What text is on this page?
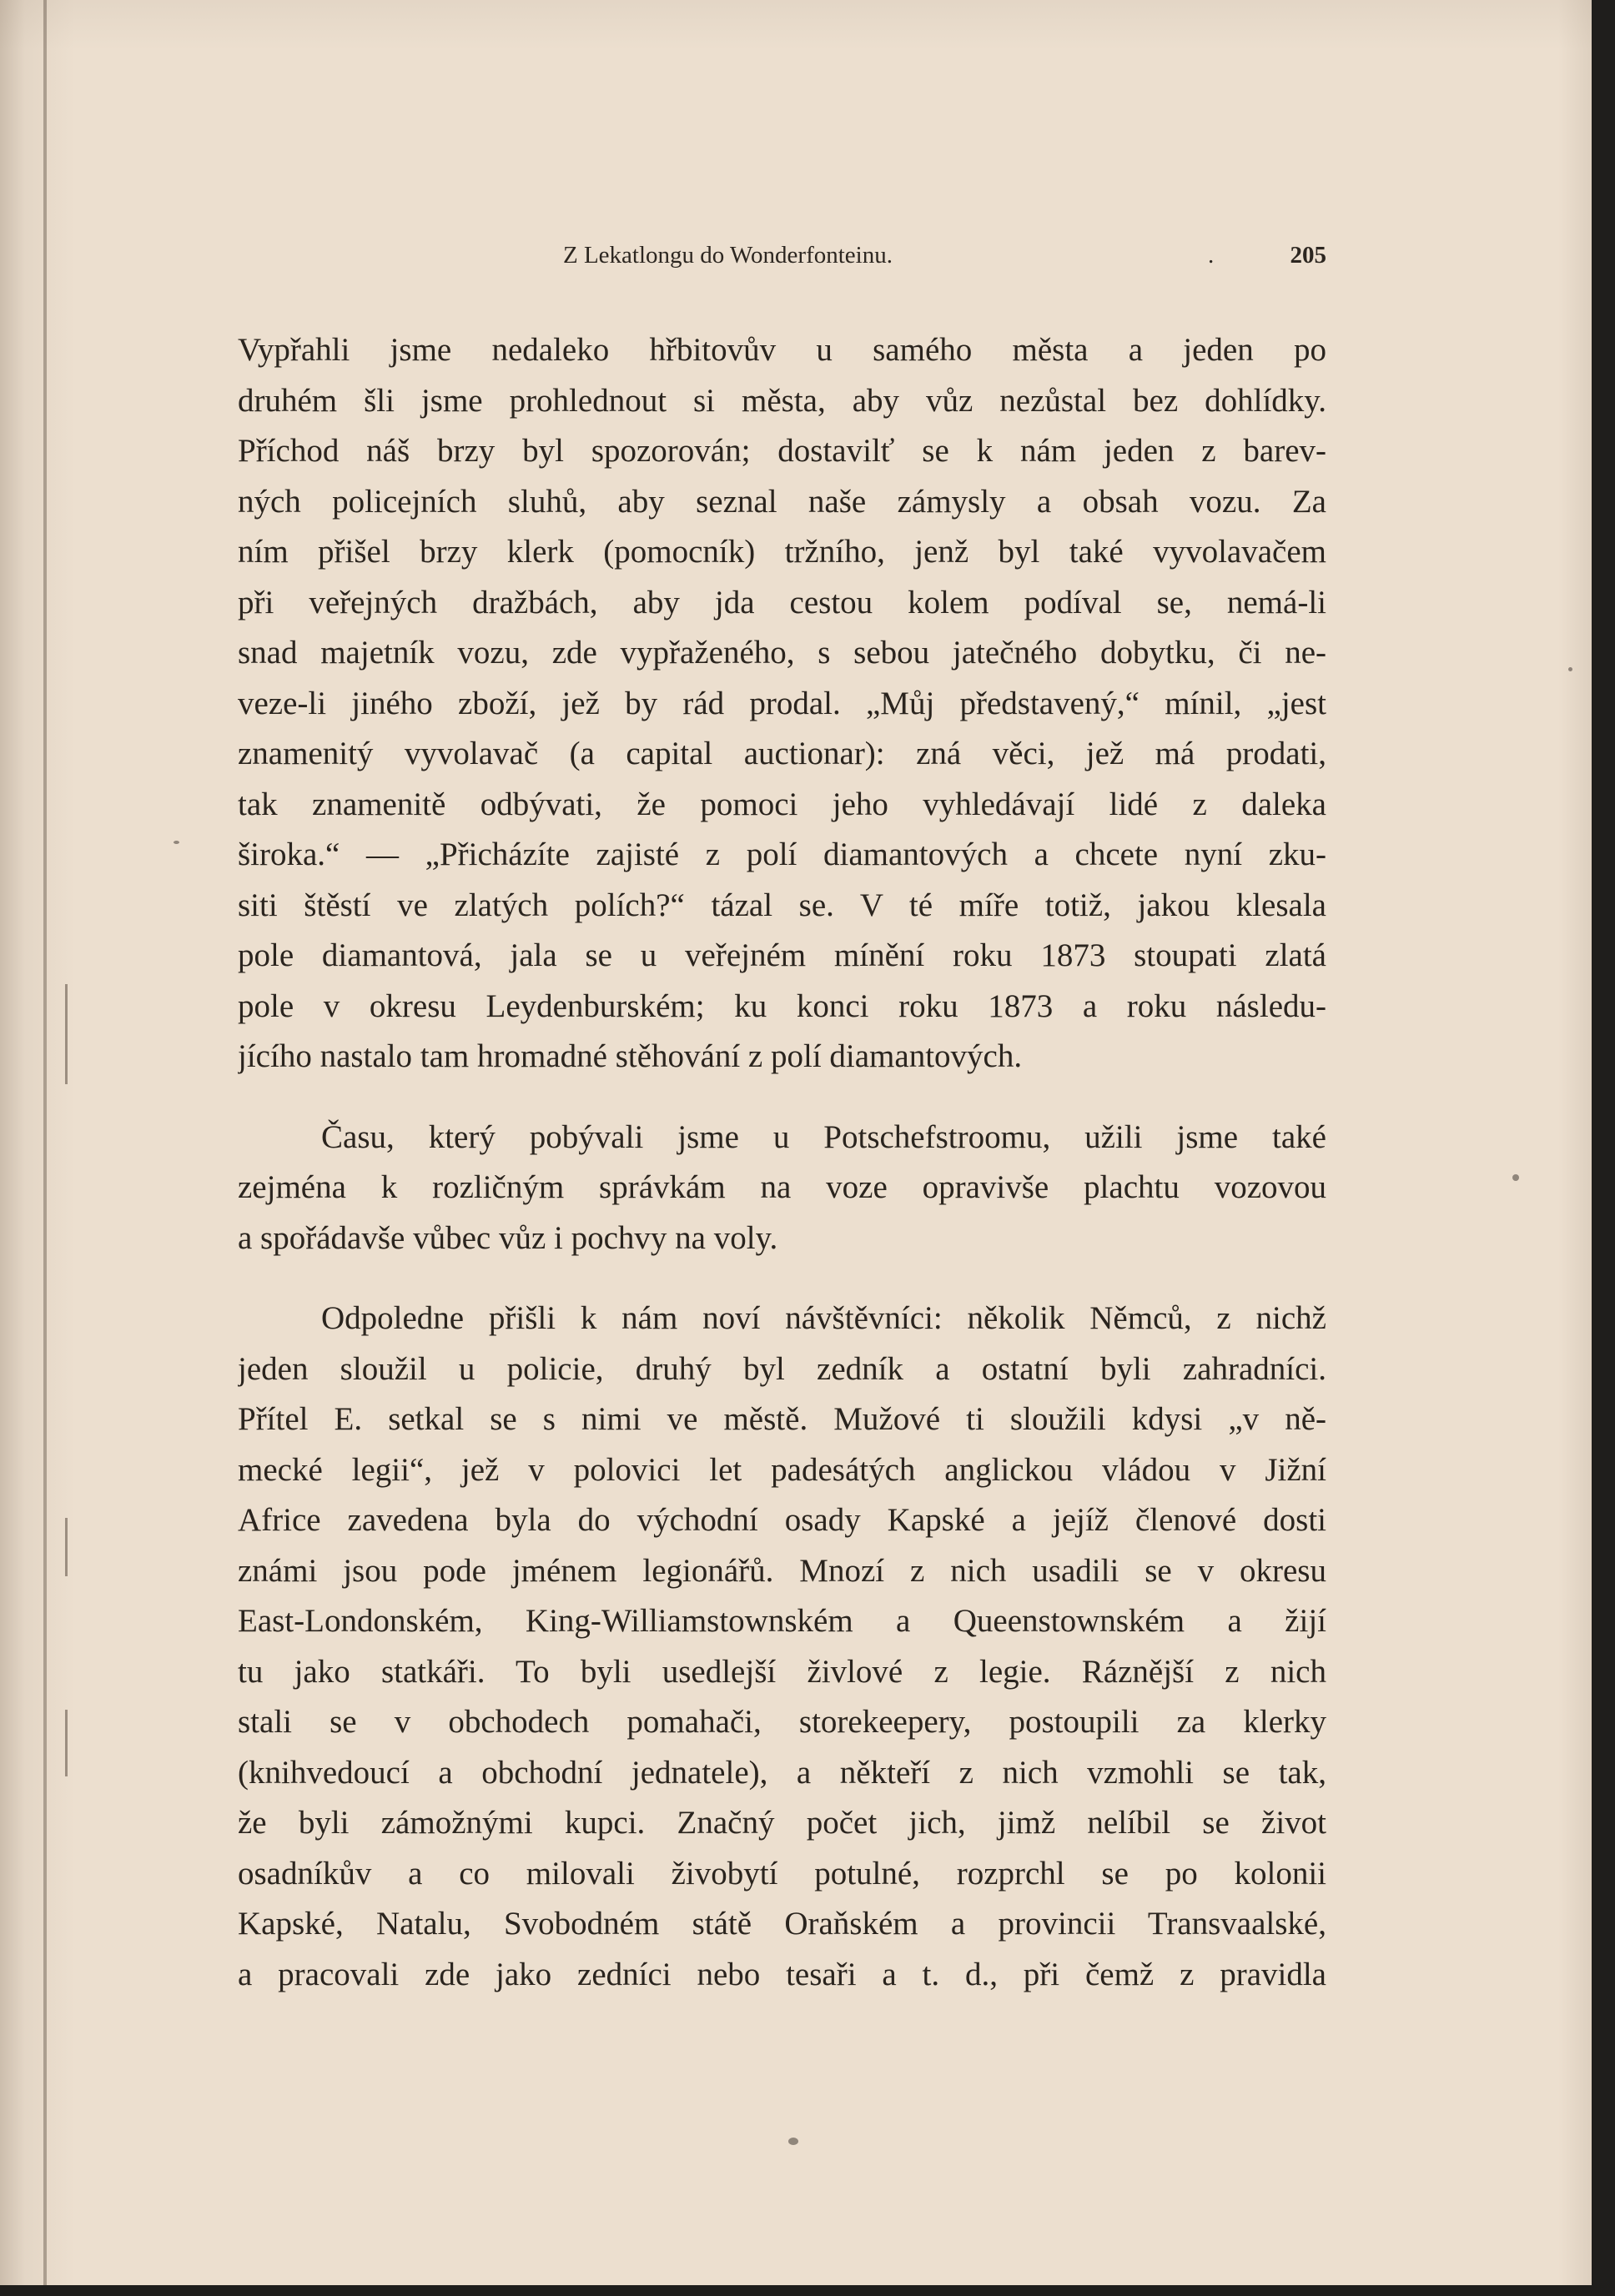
Z Lekatlongu do Wonderfonteinu.	.	205
Vypřahli jsme nedaleko hřbitovův u samého města a jeden po
druhém šli jsme prohlednout si města, aby vůz nezůstal bez dohlídky.
Příchod náš brzy byl spozorován; dostavilť se k nám jeden z barev-
ných policejních sluhů, aby seznal naše zámysly a obsah vozu. Za
ním přišel brzy klerk (pomocník) tržního, jenž byl také vyvolavačem
při veřejných dražbách, aby jda cestou kolem podíval se, nemá-li
snad majetník vozu, zde vypřaženého, s sebou jatečného dobytku, či ne-
veze-li jiného zboží, jež by rád prodal. „Můj představený,“ mínil, „jest
znamenitý vyvolavač (a capital auctionar): zná věci, jež má prodati,
tak znamenitě odbývati, že pomoci jeho vyhledávají lidé z daleka
široka.“ — „Přicházíte zajisté z polí diamantových a chcete nyní zku-
siti štěstí ve zlatých polích?“ tázal se. V té míře totiž, jakou klesala
pole diamantová, jala se u veřejném mínění roku 1873 stoupati zlatá
pole v okresu Leydenburském; ku konci roku 1873 a roku následu-
jícího nastalo tam hromadné stěhování z polí diamantových.
Času, který pobývali jsme u Potschefstroomu, užili jsme také
zejména k rozličným správkám na voze opravivše plachtu vozovou
a spořádavše vůbec vůz i pochvy na voly.
Odpoledne přišli k nám noví návštěvníci: několik Němců, z nichž
jeden sloužil u policie, druhý byl zedník a ostatní byli zahradníci.
Přítel E. setkal se s nimi ve městě. Mužové ti sloužili kdysi „v ně-
mecké legii“, jež v polovici let padesátých anglickou vládou v Jižní
Africe zavedena byla do východní osady Kapské a jejíž členové dosti
známi jsou pode jménem legionářů. Mnozí z nich usadili se v okresu
East-Londonském, King-Williamstownském a Queenstownském a žijí
tu jako statkáři. To byli usedlejší živlové z legie. Ráznější z nich
stali se v obchodech pomahači, storekeepery, postoupili za klerky
(knihvedoucí a obchodní jednatele), a někteří z nich vzmohli se tak,
že byli zámožnými kupci. Značný počet jich, jimž nelíbil se život
osadníkův a co milovali živobytí potulné, rozprchl se po kolonii
Kapské, Natalu, Svobodném státě Oraňském a provincii Transvaalské,
a pracovali zde jako zedníci nebo tesaři a t. d., při čemž z pravidla
